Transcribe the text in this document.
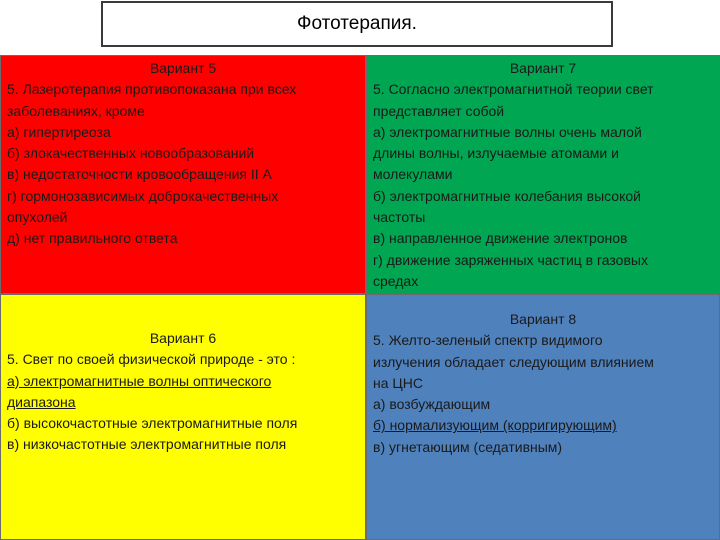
Фототерапия.
Вариант 5
5. Лазеротерапия противопоказана при всех
заболеваниях, кроме
а) гипертиреоза
б) злокачественных новообразований
в) недостаточности кровообращения II А
г) гормонозависимых доброкачественных
опухолей
д) нет правильного ответа
Вариант 7
5. Согласно электромагнитной теории свет
представляет собой
а) электромагнитные волны очень малой
длины волны, излучаемые атомами и
молекулами
б) электромагнитные колебания высокой
частоты
в) направленное движение электронов
г) движение заряженных частиц в газовых
средах
Вариант 6
5. Свет по своей физической природе - это :
а) электромагнитные волны оптического
диапазона
б) высокочастотные электромагнитные поля
в) низкочастотные электромагнитные поля
Вариант 8
5. Желто-зеленый спектр видимого
излучения обладает следующим влиянием
на ЦНС
а) возбуждающим
б) нормализующим (корригирующим)
в) угнетающим (седативным)
